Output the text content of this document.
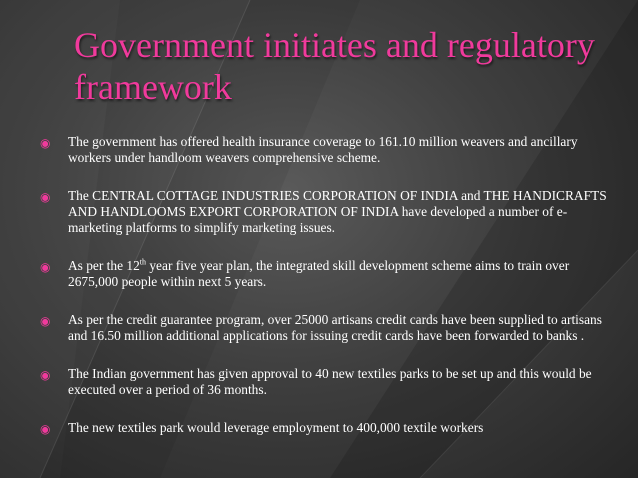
Government initiates and regulatory framework
◉ The government has offered health insurance coverage to 161.10 million weavers and ancillary workers under handloom weavers comprehensive scheme.
◉ The CENTRAL COTTAGE INDUSTRIES CORPORATION OF INDIA and THE HANDICRAFTS AND HANDLOOMS EXPORT CORPORATION OF INDIA have developed a number of e- marketing platforms to simplify marketing issues.
◉ As per the 12th year five year plan, the integrated skill development scheme aims to train over 2675,000 people within next 5 years.
◉ As per the credit guarantee program, over 25000 artisans credit cards have been supplied to artisans and 16.50 million additional applications for issuing credit cards have been forwarded to banks .
◉ The Indian government has given approval to 40 new textiles parks to be set up and this would be executed over a period of 36 months.
◉ The new textiles park would leverage employment to 400,000 textile workers
